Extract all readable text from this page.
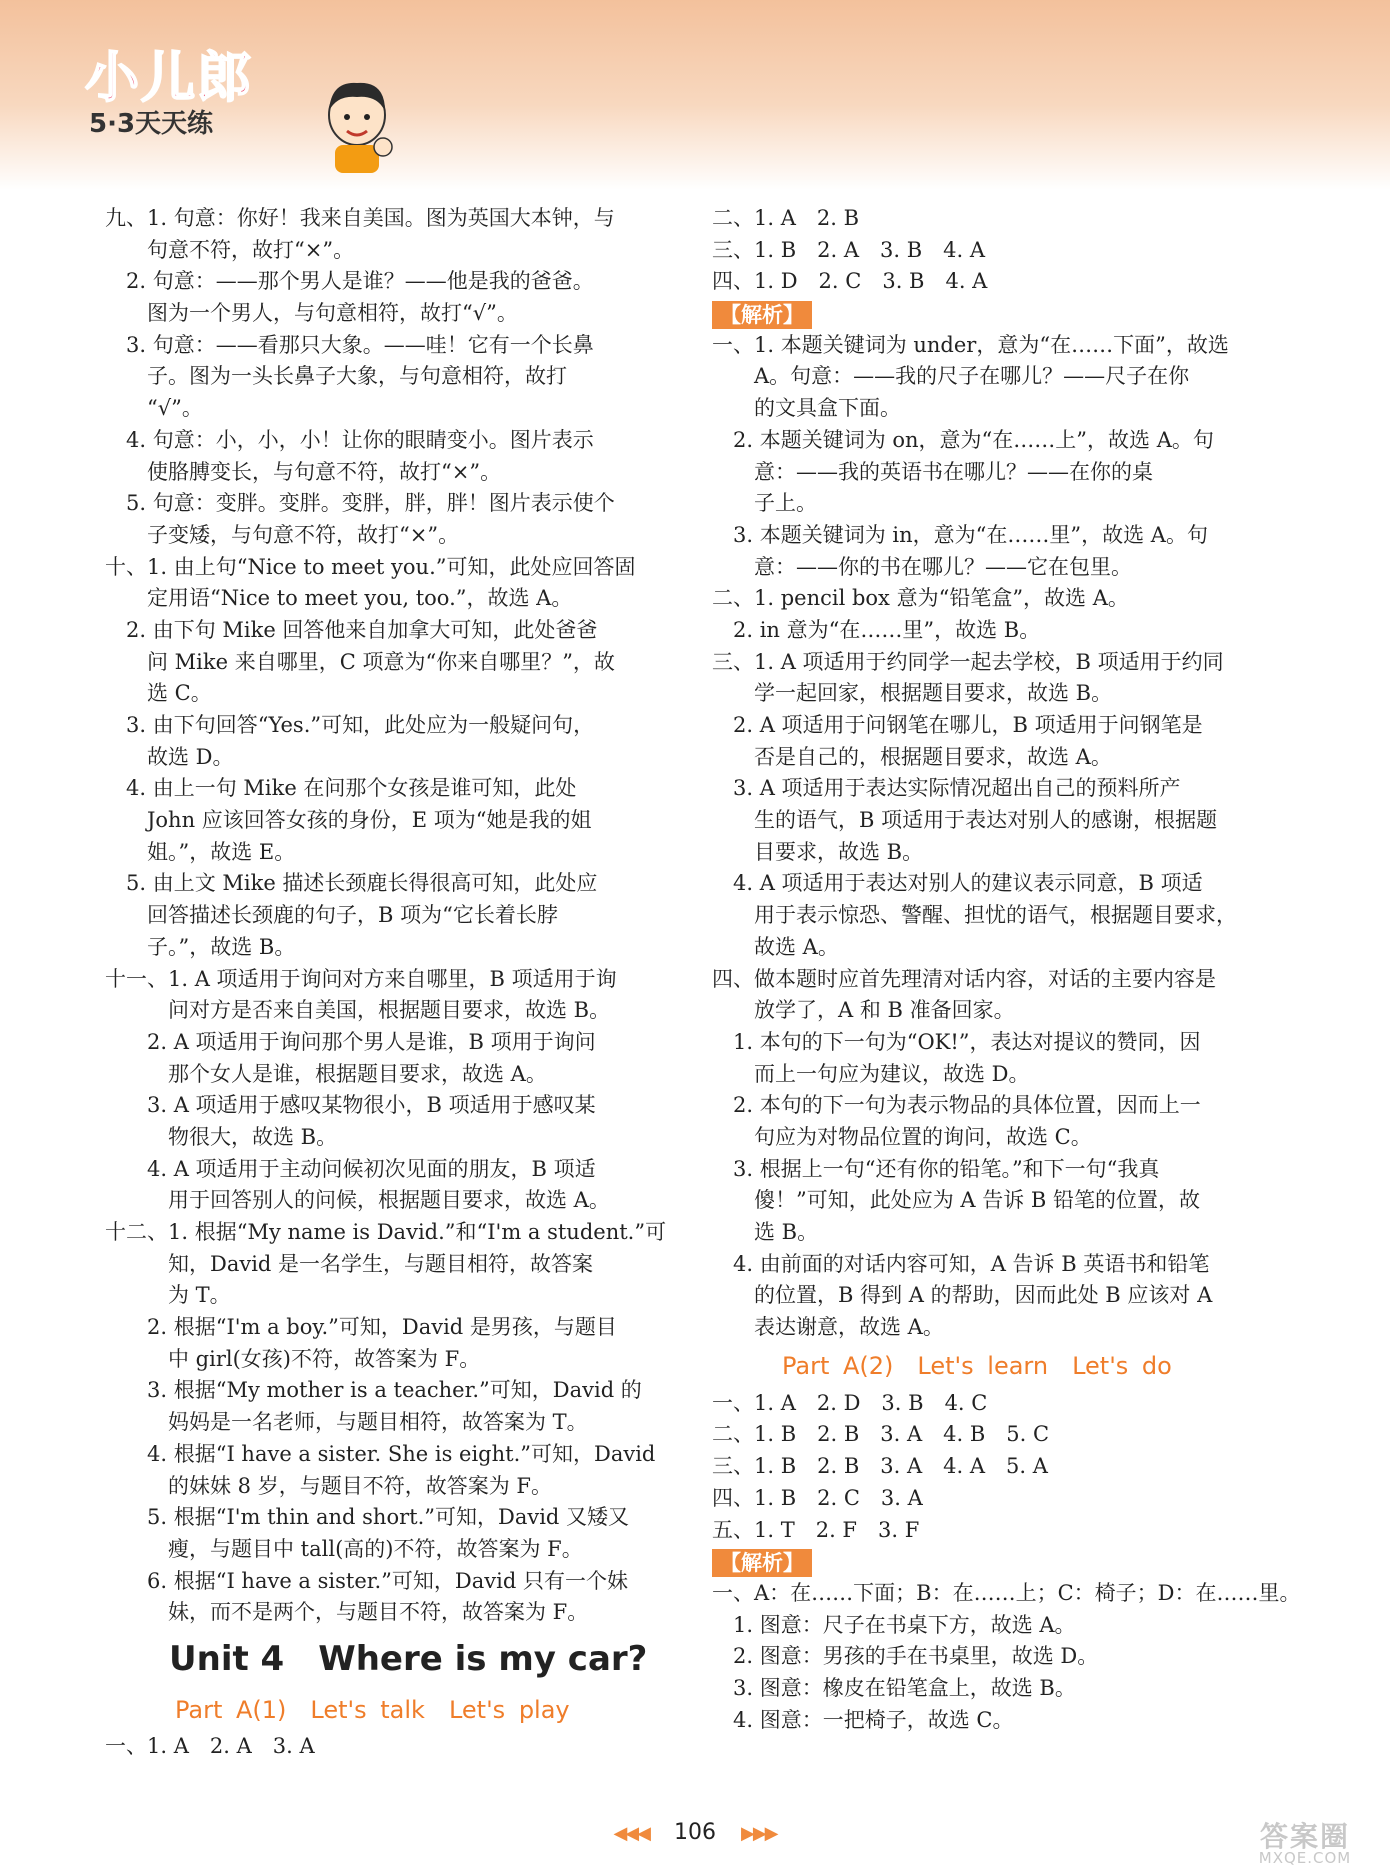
小儿郎
5·3天天练
九、1. 句意：你好！我来自美国。图为英国大本钟，与
　　句意不符，故打“×”。
　2. 句意：——那个男人是谁？——他是我的爸爸。
　　图为一个男人，与句意相符，故打“√”。
　3. 句意：——看那只大象。——哇！它有一个长鼻
　　子。图为一头长鼻子大象，与句意相符，故打
　　“√”。
　4. 句意：小，小，小！让你的眼睛变小。图片表示
　　使胳膊变长，与句意不符，故打“×”。
　5. 句意：变胖。变胖。变胖，胖，胖！图片表示使个
　　子变矮，与句意不符，故打“×”。
十、1. 由上句“Nice to meet you.”可知，此处应回答固
　　定用语“Nice to meet you, too.”，故选 A。
　2. 由下句 Mike 回答他来自加拿大可知，此处爸爸
　　问 Mike 来自哪里，C 项意为“你来自哪里？”，故
　　选 C。
　3. 由下句回答“Yes.”可知，此处应为一般疑问句，
　　故选 D。
　4. 由上一句 Mike 在问那个女孩是谁可知，此处
　　John 应该回答女孩的身份，E 项为“她是我的姐
　　姐。”，故选 E。
　5. 由上文 Mike 描述长颈鹿长得很高可知，此处应
　　回答描述长颈鹿的句子，B 项为“它长着长脖
　　子。”，故选 B。
十一、1. A 项适用于询问对方来自哪里，B 项适用于询
　　　问对方是否来自美国，根据题目要求，故选 B。
　　2. A 项适用于询问那个男人是谁，B 项用于询问
　　　那个女人是谁，根据题目要求，故选 A。
　　3. A 项适用于感叹某物很小，B 项适用于感叹某
　　　物很大，故选 B。
　　4. A 项适用于主动问候初次见面的朋友，B 项适
　　　用于回答别人的问候，根据题目要求，故选 A。
十二、1. 根据“My name is David.”和“I'm a student.”可
　　　知，David 是一名学生，与题目相符，故答案
　　　为 T。
　　2. 根据“I'm a boy.”可知，David 是男孩，与题目
　　　中 girl(女孩)不符，故答案为 F。
　　3. 根据“My mother is a teacher.”可知，David 的
　　　妈妈是一名老师，与题目相符，故答案为 T。
　　4. 根据“I have a sister. She is eight.”可知，David
　　　的妹妹 8 岁，与题目不符，故答案为 F。
　　5. 根据“I'm thin and short.”可知，David 又矮又
　　　瘦，与题目中 tall(高的)不符，故答案为 F。
　　6. 根据“I have a sister.”可知，David 只有一个妹
　　　妹，而不是两个，与题目不符，故答案为 F。
Unit 4　Where is my car?
Part A(1)　Let's talk　Let's play
一、1. A　2. A　3. A
二、1. A　2. B
三、1. B　2. A　3. B　4. A
四、1. D　2. C　3. B　4. A
【解析】
一、1. 本题关键词为 under，意为“在……下面”，故选
　　A。句意：——我的尺子在哪儿？——尺子在你
　　的文具盒下面。
　2. 本题关键词为 on，意为“在……上”，故选 A。句
　　意：——我的英语书在哪儿？——在你的桌
　　子上。
　3. 本题关键词为 in，意为“在……里”，故选 A。句
　　意：——你的书在哪儿？——它在包里。
二、1. pencil box 意为“铅笔盒”，故选 A。
　2. in 意为“在……里”，故选 B。
三、1. A 项适用于约同学一起去学校，B 项适用于约同
　　学一起回家，根据题目要求，故选 B。
　2. A 项适用于问钢笔在哪儿，B 项适用于问钢笔是
　　否是自己的，根据题目要求，故选 A。
　3. A 项适用于表达实际情况超出自己的预料所产
　　生的语气，B 项适用于表达对别人的感谢，根据题
　　目要求，故选 B。
　4. A 项适用于表达对别人的建议表示同意，B 项适
　　用于表示惊恐、警醒、担忧的语气，根据题目要求，
　　故选 A。
四、做本题时应首先理清对话内容，对话的主要内容是
　　放学了，A 和 B 准备回家。
　1. 本句的下一句为“OK!”，表达对提议的赞同，因
　　而上一句应为建议，故选 D。
　2. 本句的下一句为表示物品的具体位置，因而上一
　　句应为对物品位置的询问，故选 C。
　3. 根据上一句“还有你的铅笔。”和下一句“我真
　　傻！”可知，此处应为 A 告诉 B 铅笔的位置，故
　　选 B。
　4. 由前面的对话内容可知，A 告诉 B 英语书和铅笔
　　的位置，B 得到 A 的帮助，因而此处 B 应该对 A
　　表达谢意，故选 A。
Part A(2)　Let's learn　Let's do
一、1. A　2. D　3. B　4. C
二、1. B　2. B　3. A　4. B　5. C
三、1. B　2. B　3. A　4. A　5. A
四、1. B　2. C　3. A
五、1. T　2. F　3. F
【解析】
一、A：在……下面；B：在……上；C：椅子；D：在……里。
　1. 图意：尺子在书桌下方，故选 A。
　2. 图意：男孩的手在书桌里，故选 D。
　3. 图意：橡皮在铅笔盒上，故选 B。
　4. 图意：一把椅子，故选 C。
◀◀◀ 106 ▶▶▶	答案圈
MXQE.COM
